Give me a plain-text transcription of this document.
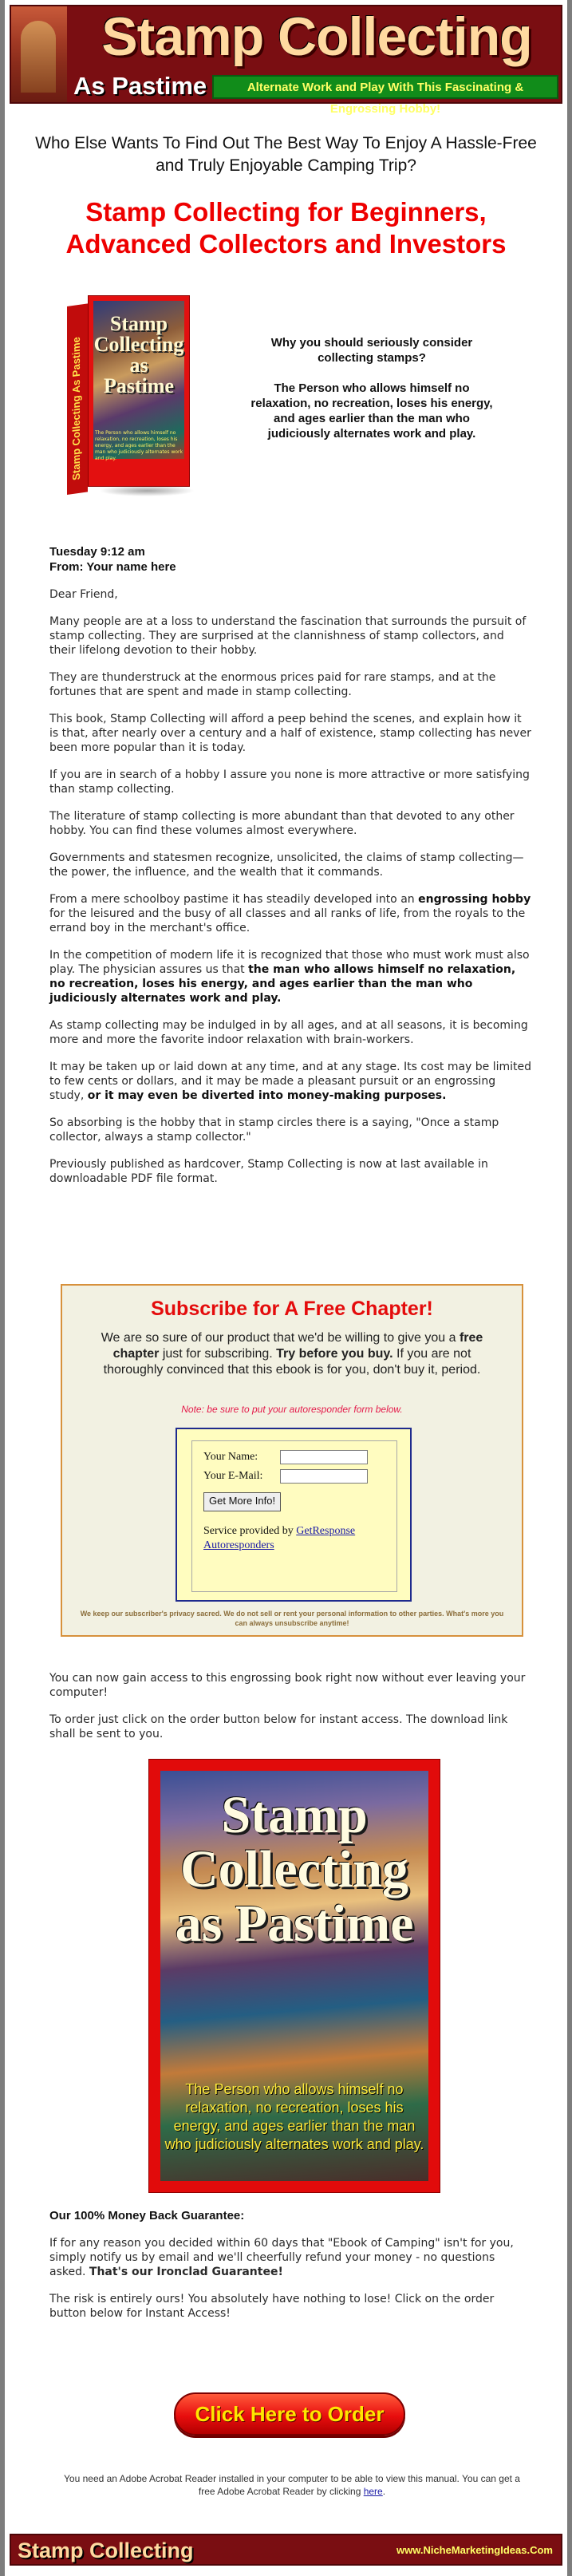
Stamp Collecting
As Pastime	Alternate Work and Play With This Fascinating & Engrossing Hobby!
Who Else Wants To Find Out The Best Way To Enjoy A Hassle-Free and Truly Enjoyable Camping Trip?
Stamp Collecting for Beginners, Advanced Collectors and Investors
Stamp Collecting As Pastime
Stamp Collecting as Pastime
The Person who allows himself no relaxation, no recreation, loses his energy, and ages earlier than the man who judiciously alternates work and play.

Why you should seriously consider collecting stamps?

The Person who allows himself no relaxation, no recreation, loses his energy, and ages earlier than the man who judiciously alternates work and play.

Tuesday 9:12 am
From: Your name here

Dear Friend,

Many people are at a loss to understand the fascination that surrounds the pursuit of stamp collecting. They are surprised at the clannishness of stamp collectors, and their lifelong devotion to their hobby.

They are thunderstruck at the enormous prices paid for rare stamps, and at the fortunes that are spent and made in stamp collecting.

This book, Stamp Collecting will afford a peep behind the scenes, and explain how it is that, after nearly over a century and a half of existence, stamp collecting has never been more popular than it is today.

If you are in search of a hobby I assure you none is more attractive or more satisfying than stamp collecting.

The literature of stamp collecting is more abundant than that devoted to any other hobby. You can find these volumes almost everywhere.

Governments and statesmen recognize, unsolicited, the claims of stamp collecting—the power, the influence, and the wealth that it commands.

From a mere schoolboy pastime it has steadily developed into an engrossing hobby for the leisured and the busy of all classes and all ranks of life, from the royals to the errand boy in the merchant's office.

In the competition of modern life it is recognized that those who must work must also play. The physician assures us that the man who allows himself no relaxation, no recreation, loses his energy, and ages earlier than the man who judiciously alternates work and play.

As stamp collecting may be indulged in by all ages, and at all seasons, it is becoming more and more the favorite indoor relaxation with brain-workers.

It may be taken up or laid down at any time, and at any stage. Its cost may be limited to few cents or dollars, and it may be made a pleasant pursuit or an engrossing study, or it may even be diverted into money-making purposes.

So absorbing is the hobby that in stamp circles there is a saying, "Once a stamp collector, always a stamp collector."

Previously published as hardcover, Stamp Collecting is now at last available in downloadable PDF file format.

Subscribe for A Free Chapter!
We are so sure of our product that we'd be willing to give you a free chapter just for subscribing. Try before you buy. If you are not thoroughly convinced that this ebook is for you, don't buy it, period.
Note: be sure to put your autoresponder form below.
Your Name:
Your E-Mail:
Get More Info!
Service provided by GetResponse Autoresponders
We keep our subscriber's privacy sacred. We do not sell or rent your personal information to other parties. What's more you can always unsubscribe anytime!

You can now gain access to this engrossing book right now without ever leaving your computer!

To order just click on the order button below for instant access. The download link shall be sent to you.

Stamp Collecting as Pastime
The Person who allows himself no relaxation, no recreation, loses his energy, and ages earlier than the man who judiciously alternates work and play.
Our 100% Money Back Guarantee:

If for any reason you decided within 60 days that "Ebook of Camping" isn't for you, simply notify us by email and we'll cheerfully refund your money - no questions asked. That's our Ironclad Guarantee!

The risk is entirely ours! You absolutely have nothing to lose! Click on the order button below for Instant Access!

Click Here to Order
You need an Adobe Acrobat Reader installed in your computer to be able to view this manual. You can get a free Adobe Acrobat Reader by clicking here.
Stamp Collecting	www.NicheMarketingIdeas.Com
